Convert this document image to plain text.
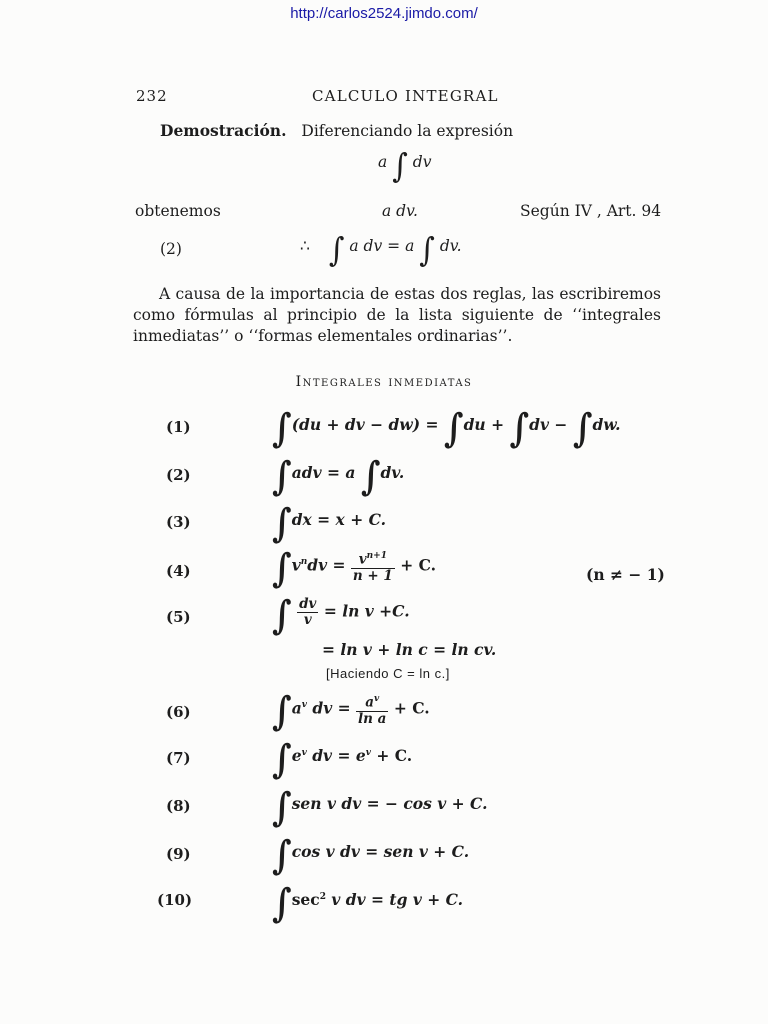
http://carlos2524.jimdo.com/
232	CALCULO INTEGRAL
Demostración. Diferenciando la expresión
a ∫ dv
obtenemos	a dv.	Según IV , Art. 94
(2)	∴ ∫ a dv = a ∫ dv.
A causa de la importancia de estas dos reglas, las escribiremos como fórmulas al principio de la lista siguiente de ‘‘integrales inmediatas’’ o ‘‘formas elementales ordinarias’’.
Integrales inmediatas
(1) ∫(du + dv − dw) = ∫du + ∫dv − ∫dw.
(2) ∫adv = a ∫dv.
(3) ∫dx = x + C.
(4) $\int v^ndv = \frac{v^{n+1}}{n + 1} + C$.
(n ≠ − 1)
(5) ∫ $\frac{dv}{v} = \ln v +C$.
= ln v + ln c = ln cv.
[Haciendo C = ln c.]
(6) $\int a^v$ dv = $\frac{a^v}{\text{ln a}} + C$.
(7) $\int e^v$ dv = $e^v + C$.
(8) ∫sen v dv = − cos v + C.
(9) ∫cos v dv = sen v + C.
(10) $\int\sec^2$ v dv = tg v + C.
